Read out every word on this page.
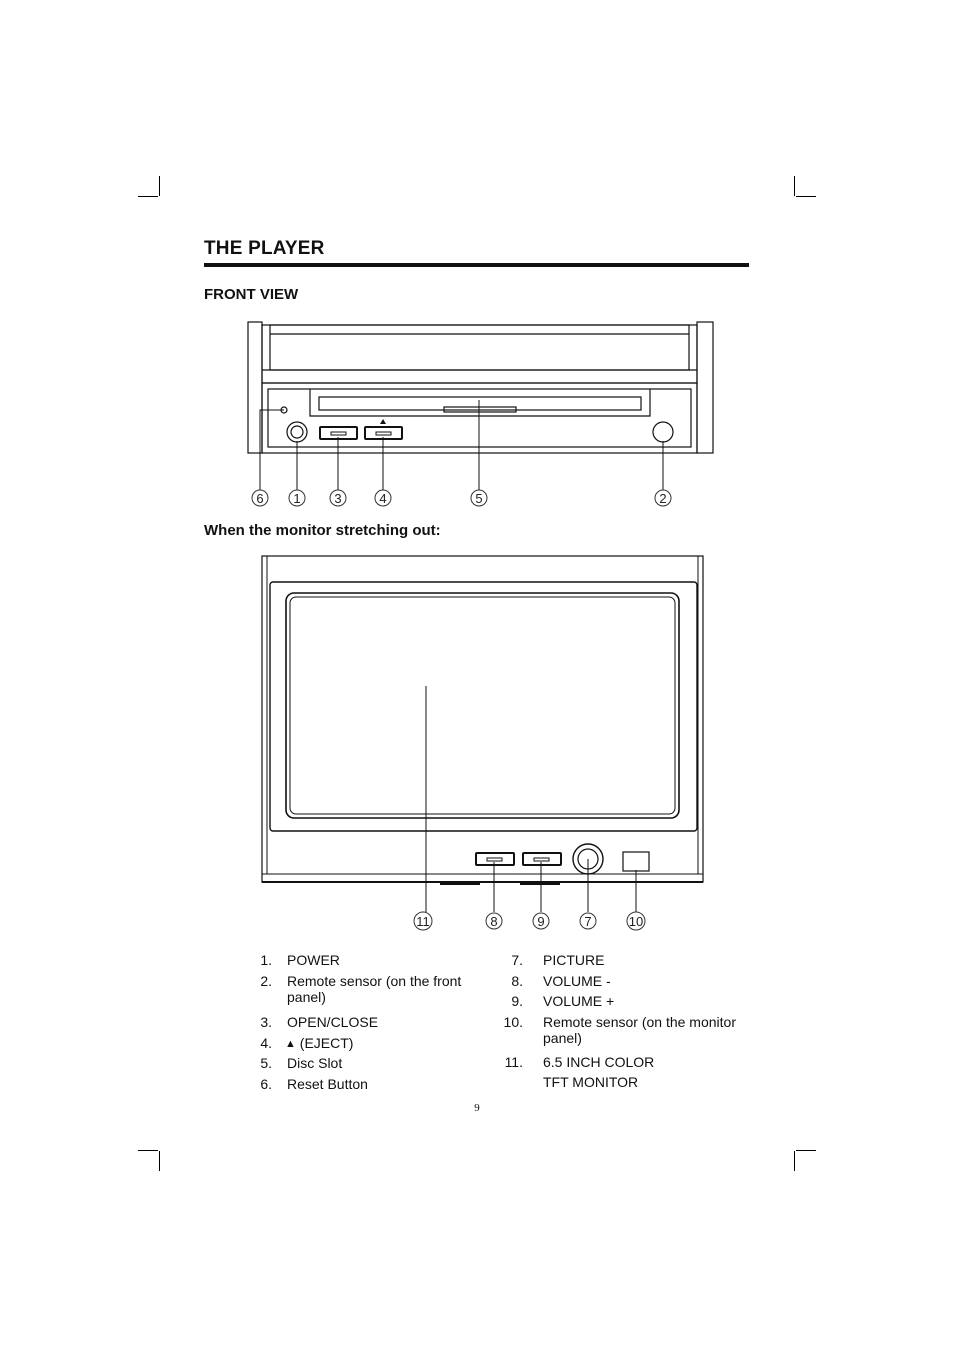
THE PLAYER
FRONT VIEW
6 1	3	4	5	2
When the monitor stretching out:
11	8	9	7	10
1. POWER
2. Remote sensor (on the front
panel)
3. OPEN/CLOSE
4. ▲ (EJECT)
5. Disc Slot
6. Reset Button
7. PICTURE
8. VOLUME -
9. VOLUME +
10. Remote sensor (on the monitor
panel)
11. 6.5 INCH COLOR
TFT MONITOR
9
